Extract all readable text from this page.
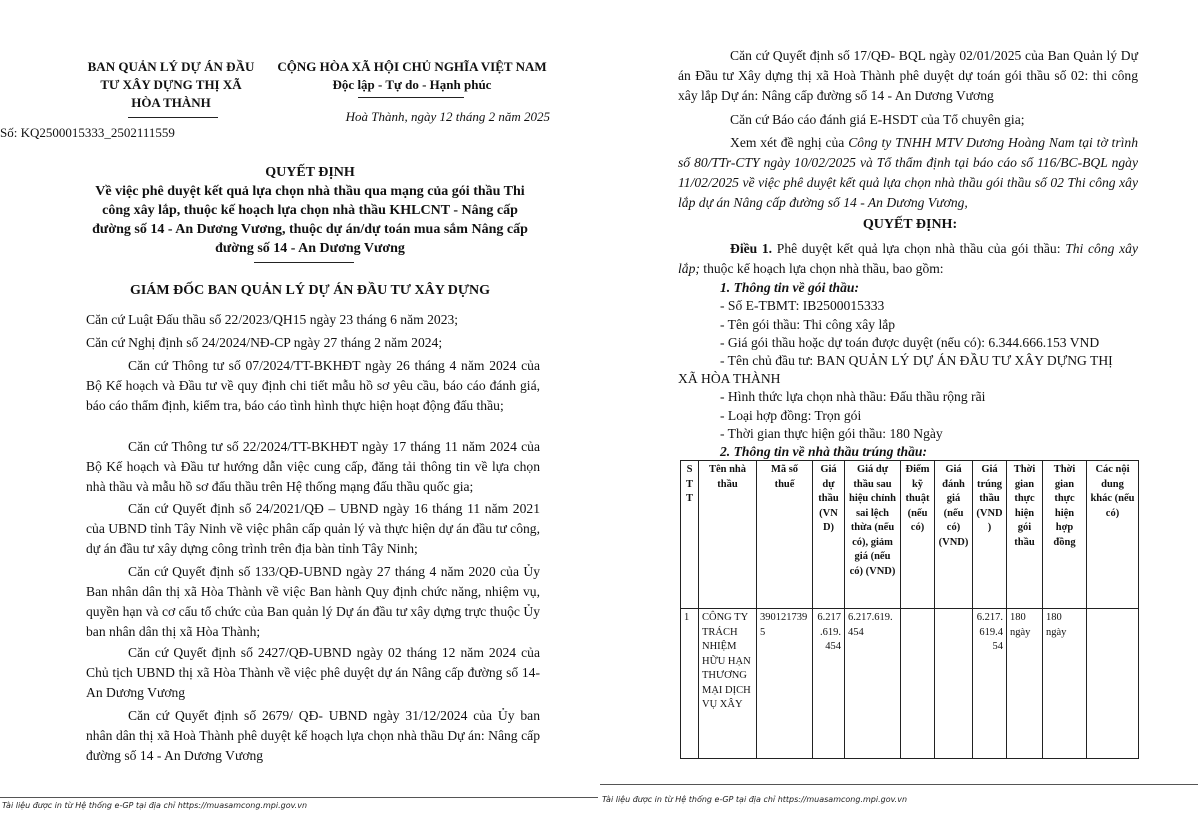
BAN QUẢN LÝ DỰ ÁN ĐẦU
TƯ XÂY DỰNG THỊ XÃ
HÒA THÀNH
Số: KQ2500015333_2502111559
CỘNG HÒA XÃ HỘI CHỦ NGHĨA VIỆT NAM
Độc lập - Tự do - Hạnh phúc
Hoà Thành, ngày 12 tháng 2 năm 2025
QUYẾT ĐỊNH
Về việc phê duyệt kết quả lựa chọn nhà thầu qua mạng của gói thầu Thi
công xây lắp, thuộc kế hoạch lựa chọn nhà thầu KHLCNT - Nâng cấp
đường số 14 - An Dương Vương, thuộc dự án/dự toán mua sắm Nâng cấp
đường số 14 - An Dương Vương
GIÁM ĐỐC BAN QUẢN LÝ DỰ ÁN ĐẦU TƯ XÂY DỰNG
Căn cứ Luật Đấu thầu số 22/2023/QH15 ngày 23 tháng 6 năm 2023;
Căn cứ Nghị định số 24/2024/NĐ-CP ngày 27 tháng 2 năm 2024;
Căn cứ Thông tư số 07/2024/TT-BKHĐT ngày 26 tháng 4 năm 2024 của Bộ Kế hoạch và Đầu tư về quy định chi tiết mẫu hồ sơ yêu cầu, báo cáo đánh giá, báo cáo thẩm định, kiểm tra, báo cáo tình hình thực hiện hoạt động đấu thầu;
Căn cứ Thông tư số 22/2024/TT-BKHĐT ngày 17 tháng 11 năm 2024 của Bộ Kế hoạch và Đầu tư hướng dẫn việc cung cấp, đăng tải thông tin về lựa chọn nhà thầu và mẫu hồ sơ đấu thầu trên Hệ thống mạng đấu thầu quốc gia;
Căn cứ Quyết định số 24/2021/QĐ – UBND ngày 16 tháng 11 năm 2021 của UBND tỉnh Tây Ninh về việc phân cấp quản lý và thực hiện dự án đầu tư công, dự án đầu tư xây dựng công trình trên địa bàn tỉnh Tây Ninh;
Căn cứ Quyết định số 133/QĐ-UBND ngày 27 tháng 4 năm 2020 của Ủy Ban nhân dân thị xã Hòa Thành về việc Ban hành Quy định chức năng, nhiệm vụ, quyền hạn và cơ cấu tổ chức của Ban quản lý Dự án đầu tư xây dựng trực thuộc Ủy ban nhân dân thị xã Hòa Thành;
Căn cứ Quyết định số 2427/QĐ-UBND ngày 02 tháng 12 năm 2024 của Chủ tịch UBND thị xã Hòa Thành về việc phê duyệt dự án Nâng cấp đường số 14-An Dương Vương
Căn cứ Quyết định số 2679/ QĐ- UBND ngày 31/12/2024 của Ủy ban nhân dân thị xã Hoà Thành phê duyệt kế hoạch lựa chọn nhà thầu Dự án: Nâng cấp đường số 14 - An Dương Vương
Tài liệu được in từ Hệ thống e-GP tại địa chỉ https://muasamcong.mpi.gov.vn
Căn cứ Quyết định số 17/QĐ- BQL ngày 02/01/2025 của Ban Quản lý Dự án Đầu tư Xây dựng thị xã Hoà Thành phê duyệt dự toán gói thầu số 02: thi công xây lắp Dự án: Nâng cấp đường số 14 - An Dương Vương
Căn cứ Báo cáo đánh giá E-HSDT của Tổ chuyên gia;
Xem xét đề nghị của Công ty TNHH MTV Dương Hoàng Nam tại tờ trình số 80/TTr-CTY ngày 10/02/2025 và Tổ thẩm định tại báo cáo số 116/BC-BQL ngày 11/02/2025 về việc phê duyệt kết quả lựa chọn nhà thầu gói thầu số 02 Thi công xây lắp dự án Nâng cấp đường số 14 - An Dương Vương,
QUYẾT ĐỊNH:
Điều 1. Phê duyệt kết quả lựa chọn nhà thầu của gói thầu: Thi công xây lắp; thuộc kế hoạch lựa chọn nhà thầu, bao gồm:
1. Thông tin về gói thầu:
- Số E-TBMT: IB2500015333
- Tên gói thầu: Thi công xây lắp
- Giá gói thầu hoặc dự toán được duyệt (nếu có): 6.344.666.153 VND
- Tên chủ đầu tư: BAN QUẢN LÝ DỰ ÁN ĐẦU TƯ XÂY DỰNG THỊ
XÃ HÒA THÀNH
- Hình thức lựa chọn nhà thầu: Đấu thầu rộng rãi
- Loại hợp đồng: Trọn gói
- Thời gian thực hiện gói thầu: 180 Ngày
2. Thông tin về nhà thầu trúng thầu:
S T T	Tên nhà thầu	Mã số thuế	Giá dự thầu (VND)	Giá dự thầu sau hiệu chỉnh sai lệch thừa (nếu có), giảm giá (nếu có) (VND)	Điểm kỹ thuật (nếu có)	Giá đánh giá (nếu có) (VND)	Giá trúng thầu (VND)	Thời gian thực hiện gói thầu	Thời gian thực hiện hợp đồng	Các nội dung khác (nếu có)
1	CÔNG TY TRÁCH NHIỆM HỮU HẠN THƯƠNG MẠI DỊCH VỤ XÂY	3901217395	6.217.619.454	6.217.619.454			6.217.619.454	180 ngày	180 ngày	
Tài liệu được in từ Hệ thống e-GP tại địa chỉ https://muasamcong.mpi.gov.vn
